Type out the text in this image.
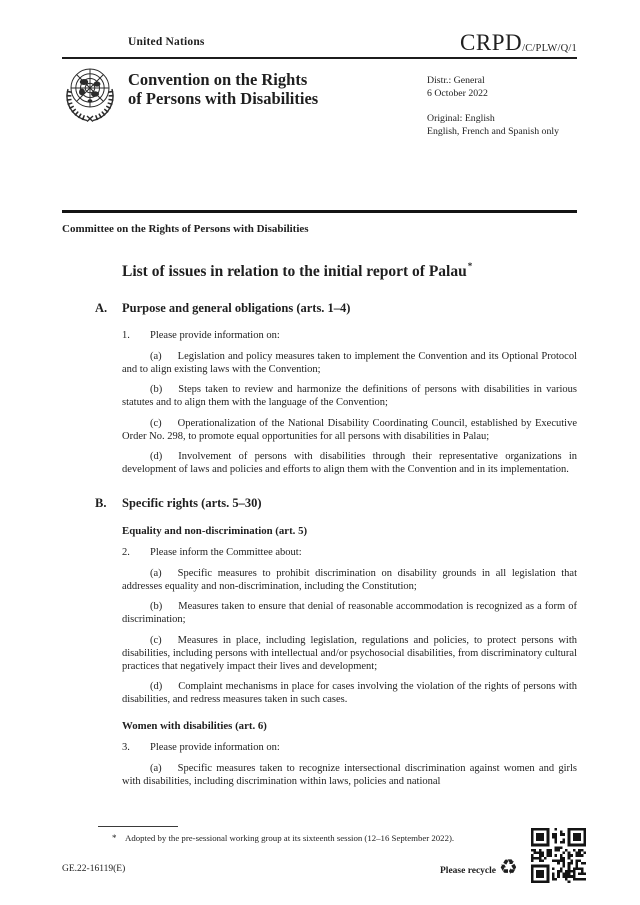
United Nations	CRPD/C/PLW/Q/1
Convention on the Rights
of Persons with Disabilities
Distr.: General
6 October 2022
Original: English
English, French and Spanish only
Committee on the Rights of Persons with Disabilities
List of issues in relation to the initial report of Palau*
A.	Purpose and general obligations (arts. 1–4)

1. Please provide information on:

(a) Legislation and policy measures taken to implement the Convention and its Optional Protocol and to align existing laws with the Convention;

(b) Steps taken to review and harmonize the definitions of persons with disabilities in various statutes and to align them with the language of the Convention;

(c) Operationalization of the National Disability Coordinating Council, established by Executive Order No. 298, to promote equal opportunities for all persons with disabilities in Palau;

(d) Involvement of persons with disabilities through their representative organizations in development of laws and policies and efforts to align them with the Convention and in its implementation.

B.	Specific rights (arts. 5–30)

Equality and non-discrimination (art. 5)

2. Please inform the Committee about:

(a) Specific measures to prohibit discrimination on disability grounds in all legislation that addresses equality and non-discrimination, including the Constitution;

(b) Measures taken to ensure that denial of reasonable accommodation is recognized as a form of discrimination;

(c) Measures in place, including legislation, regulations and policies, to protect persons with disabilities, including persons with intellectual and/or psychosocial disabilities, from discriminatory cultural practices that negatively impact their lives and development;

(d) Complaint mechanisms in place for cases involving the violation of the rights of persons with disabilities, and redress measures taken in such cases.

Women with disabilities (art. 6)

3. Please provide information on:

(a) Specific measures taken to recognize intersectional discrimination against women and girls with disabilities, including discrimination within laws, policies and national

* Adopted by the pre-sessional working group at its sixteenth session (12–16 September 2022).
GE.22-16119(E)	Please recycle ♻
